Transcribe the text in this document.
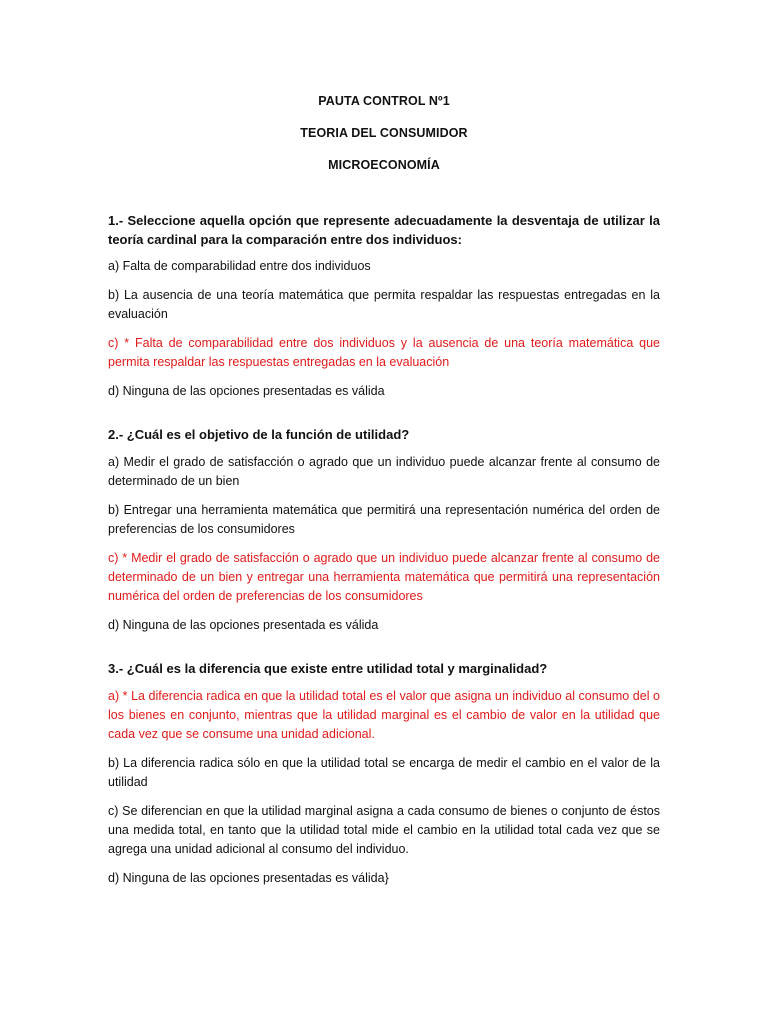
PAUTA CONTROL Nº1
TEORIA DEL CONSUMIDOR
MICROECONOMÍA
1.- Seleccione aquella opción que represente adecuadamente la desventaja de utilizar la teoría cardinal para la comparación entre dos individuos:
a) Falta de comparabilidad entre dos individuos
b) La ausencia de una teoría matemática que permita respaldar las respuestas entregadas en la evaluación
c) * Falta de comparabilidad entre dos individuos y la ausencia de una teoría matemática que permita respaldar las respuestas entregadas en la evaluación
d) Ninguna de las opciones presentadas es válida
2.- ¿Cuál es el objetivo de la función de utilidad?
a) Medir el grado de satisfacción o agrado que un individuo puede alcanzar frente al consumo de determinado de un bien
b) Entregar una herramienta matemática que permitirá una representación numérica del orden de preferencias de los consumidores
c) * Medir el grado de satisfacción o agrado que un individuo puede alcanzar frente al consumo de determinado de un bien y entregar una herramienta matemática que permitirá una representación numérica del orden de preferencias de los consumidores
d) Ninguna de las opciones presentada es válida
3.- ¿Cuál es la diferencia que existe entre utilidad total y marginalidad?
a) * La diferencia radica en que la utilidad total es el valor que asigna un individuo al consumo del o los bienes en conjunto, mientras que la utilidad marginal es el cambio de valor en la utilidad que cada vez que se consume una unidad adicional.
b) La diferencia radica sólo en que la utilidad total se encarga de medir el cambio en el valor de la utilidad
c) Se diferencian en que la utilidad marginal asigna a cada consumo de bienes o conjunto de éstos una medida total, en tanto que la utilidad total mide el cambio en la utilidad total cada vez que se agrega una unidad adicional al consumo del individuo.
d) Ninguna de las opciones presentadas es válida}
